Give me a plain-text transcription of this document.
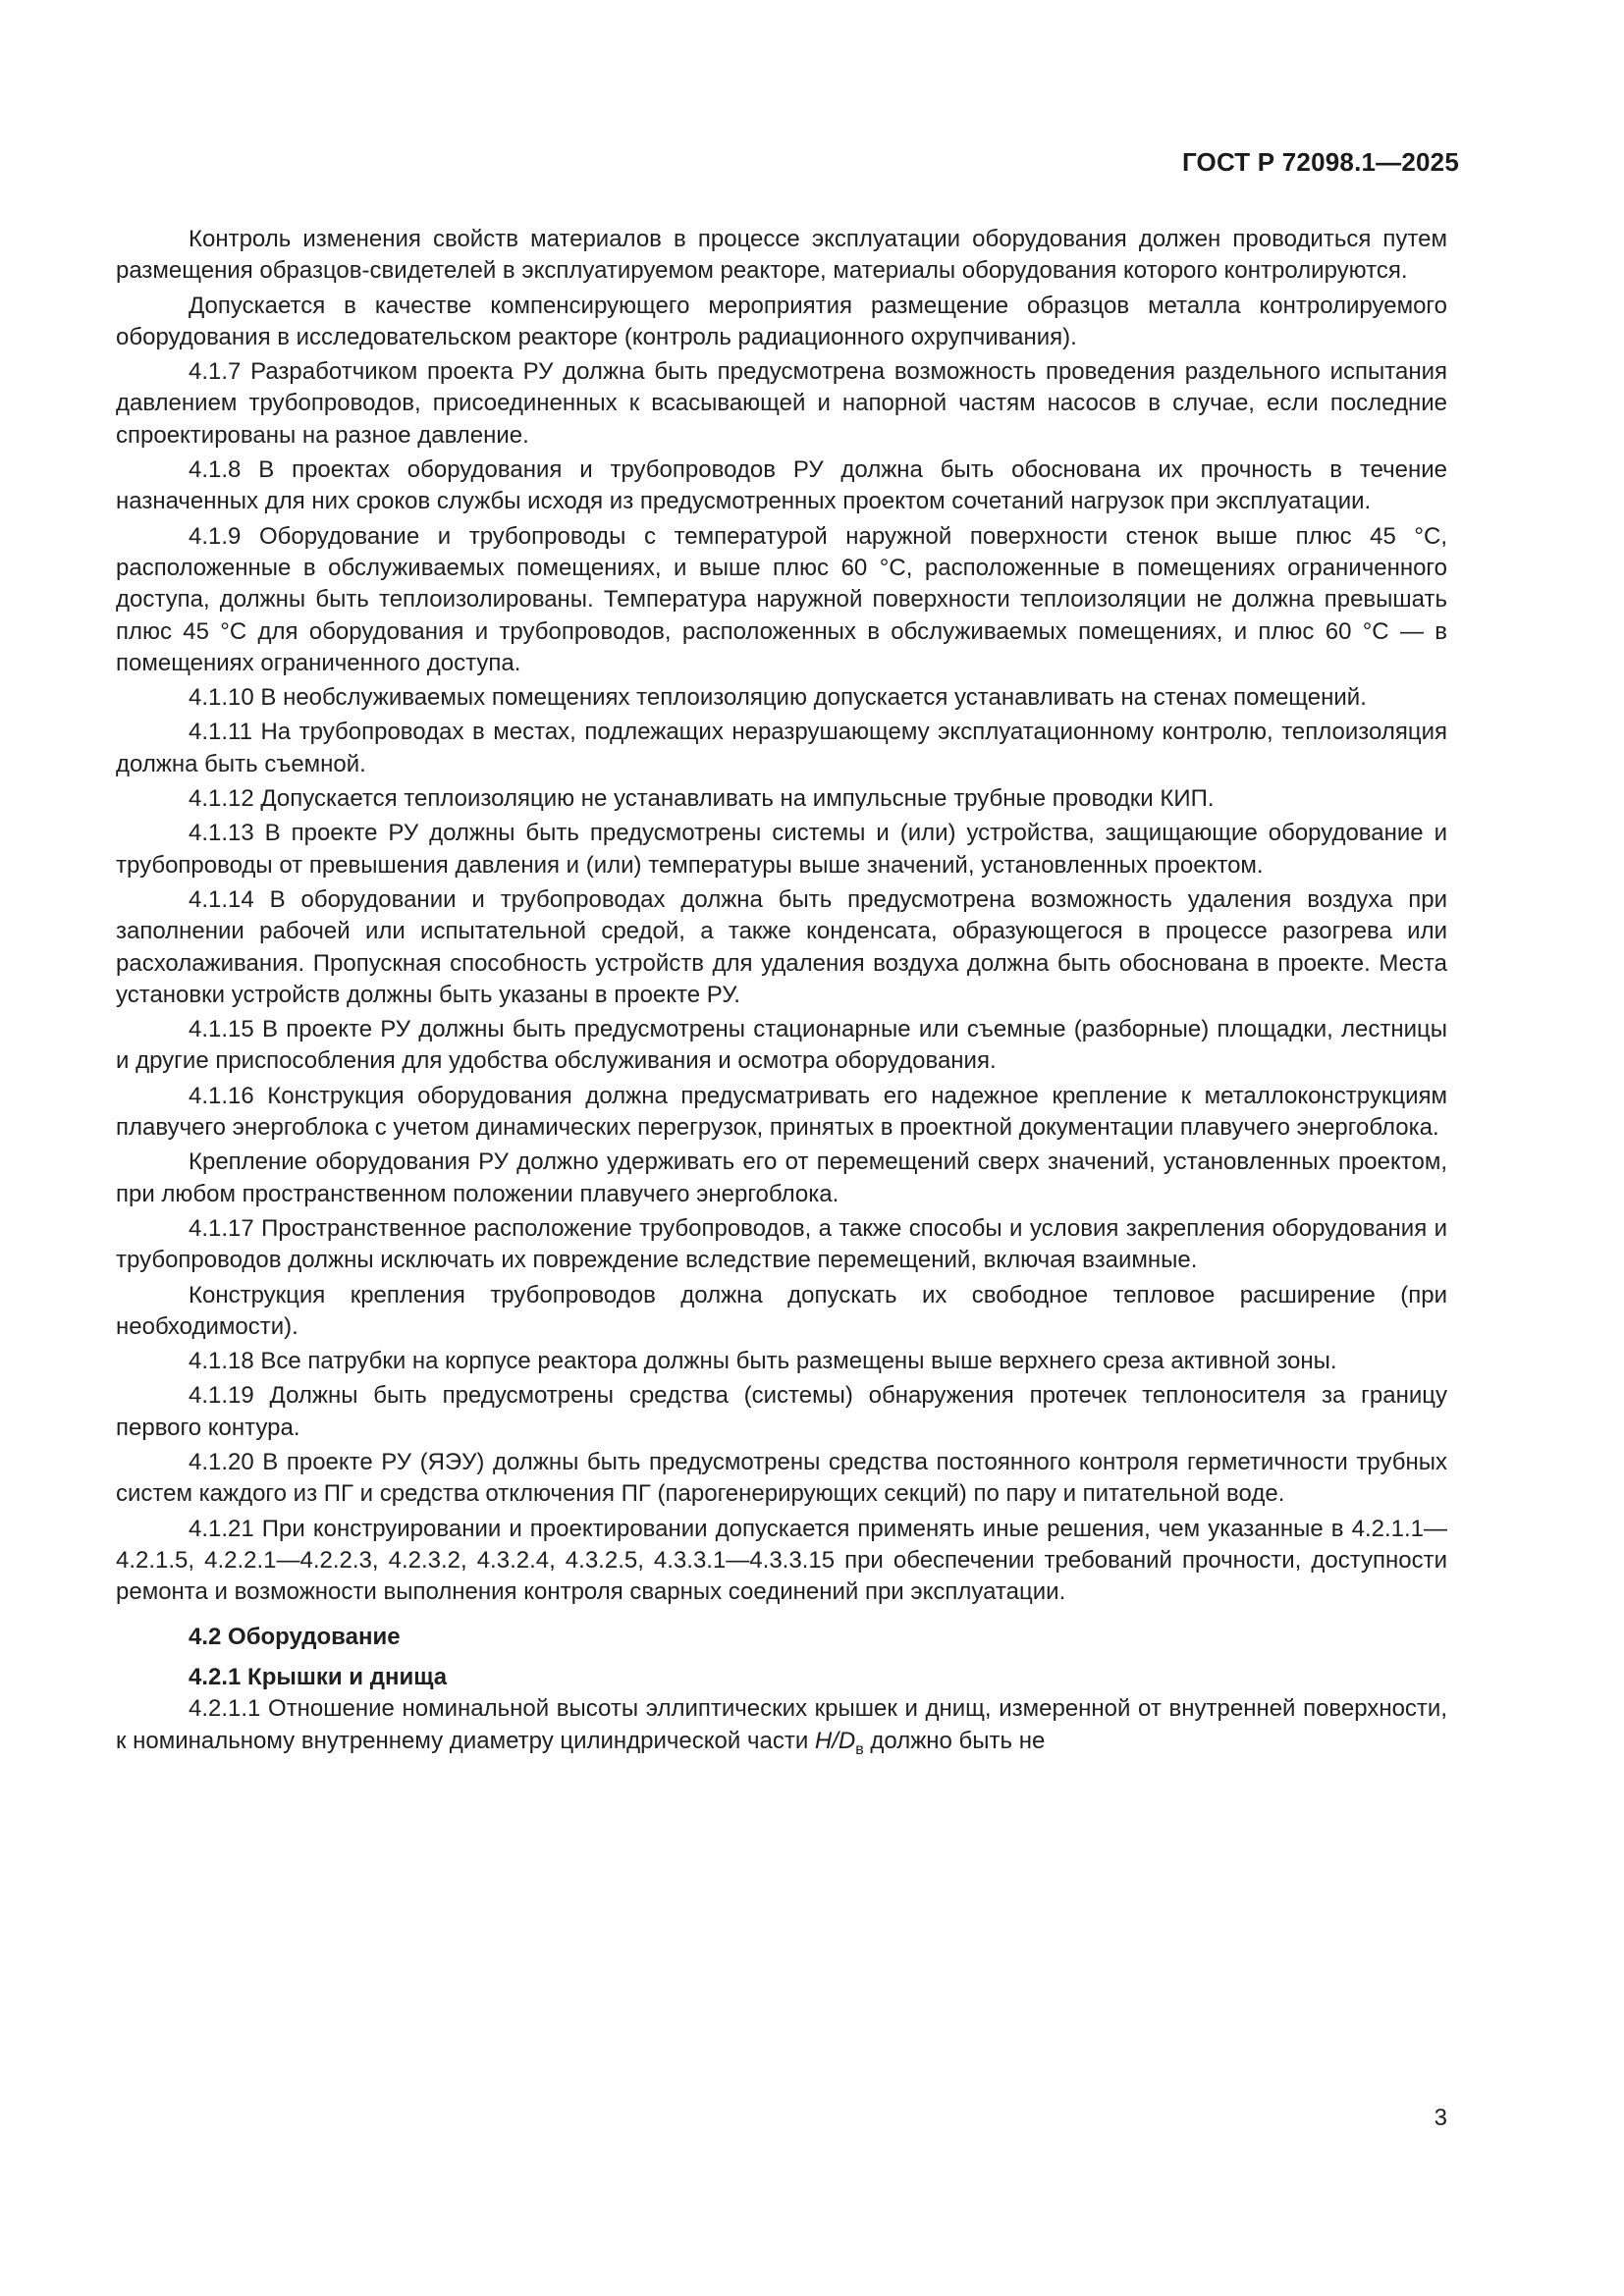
ГОСТ Р 72098.1—2025

Контроль изменения свойств материалов в процессе эксплуатации оборудования должен проводиться путем размещения образцов-свидетелей в эксплуатируемом реакторе, материалы оборудования которого контролируются.

Допускается в качестве компенсирующего мероприятия размещение образцов металла контролируемого оборудования в исследовательском реакторе (контроль радиационного охрупчивания).

4.1.7 Разработчиком проекта РУ должна быть предусмотрена возможность проведения раздельного испытания давлением трубопроводов, присоединенных к всасывающей и напорной частям насосов в случае, если последние спроектированы на разное давление.

4.1.8 В проектах оборудования и трубопроводов РУ должна быть обоснована их прочность в течение назначенных для них сроков службы исходя из предусмотренных проектом сочетаний нагрузок при эксплуатации.

4.1.9 Оборудование и трубопроводы с температурой наружной поверхности стенок выше плюс 45 °С, расположенные в обслуживаемых помещениях, и выше плюс 60 °С, расположенные в помещениях ограниченного доступа, должны быть теплоизолированы. Температура наружной поверхности теплоизоляции не должна превышать плюс 45 °С для оборудования и трубопроводов, расположенных в обслуживаемых помещениях, и плюс 60 °С — в помещениях ограниченного доступа.

4.1.10 В необслуживаемых помещениях теплоизоляцию допускается устанавливать на стенах помещений.

4.1.11 На трубопроводах в местах, подлежащих неразрушающему эксплуатационному контролю, теплоизоляция должна быть съемной.

4.1.12 Допускается теплоизоляцию не устанавливать на импульсные трубные проводки КИП.

4.1.13 В проекте РУ должны быть предусмотрены системы и (или) устройства, защищающие оборудование и трубопроводы от превышения давления и (или) температуры выше значений, установленных проектом.

4.1.14 В оборудовании и трубопроводах должна быть предусмотрена возможность удаления воздуха при заполнении рабочей или испытательной средой, а также конденсата, образующегося в процессе разогрева или расхолаживания. Пропускная способность устройств для удаления воздуха должна быть обоснована в проекте. Места установки устройств должны быть указаны в проекте РУ.

4.1.15 В проекте РУ должны быть предусмотрены стационарные или съемные (разборные) площадки, лестницы и другие приспособления для удобства обслуживания и осмотра оборудования.

4.1.16 Конструкция оборудования должна предусматривать его надежное крепление к металлоконструкциям плавучего энергоблока с учетом динамических перегрузок, принятых в проектной документации плавучего энергоблока.

Крепление оборудования РУ должно удерживать его от перемещений сверх значений, установленных проектом, при любом пространственном положении плавучего энергоблока.

4.1.17 Пространственное расположение трубопроводов, а также способы и условия закрепления оборудования и трубопроводов должны исключать их повреждение вследствие перемещений, включая взаимные.

Конструкция крепления трубопроводов должна допускать их свободное тепловое расширение (при необходимости).

4.1.18 Все патрубки на корпусе реактора должны быть размещены выше верхнего среза активной зоны.

4.1.19 Должны быть предусмотрены средства (системы) обнаружения протечек теплоносителя за границу первого контура.

4.1.20 В проекте РУ (ЯЭУ) должны быть предусмотрены средства постоянного контроля герметичности трубных систем каждого из ПГ и средства отключения ПГ (парогенерирующих секций) по пару и питательной воде.

4.1.21 При конструировании и проектировании допускается применять иные решения, чем указанные в 4.2.1.1—4.2.1.5, 4.2.2.1—4.2.2.3, 4.2.3.2, 4.3.2.4, 4.3.2.5, 4.3.3.1—4.3.3.15 при обеспечении требований прочности, доступности ремонта и возможности выполнения контроля сварных соединений при эксплуатации.

4.2 Оборудование
4.2.1 Крышки и днища

4.2.1.1 Отношение номинальной высоты эллиптических крышек и днищ, измеренной от внутренней поверхности, к номинальному внутреннему диаметру цилиндрической части $H/D_в$ должно быть не

3
